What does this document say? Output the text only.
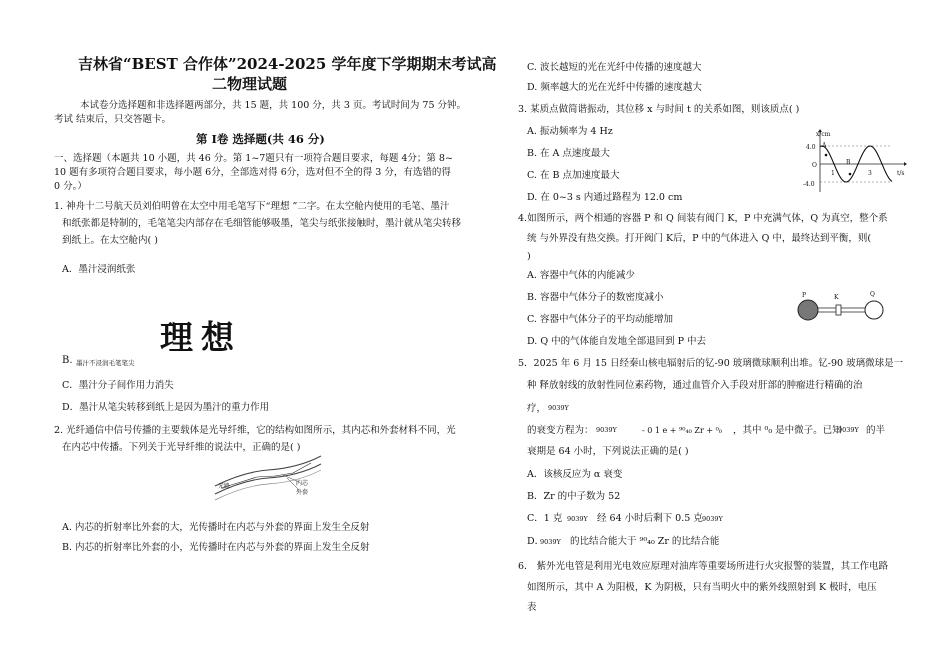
吉林省“BEST 合作体”2024-2025 学年度下学期期末考试高
二物理试题
本试卷分选择题和非选择题两部分，共 15 题，共 100 分，共 3 页。考试时间为 75 分钟。
考试 结束后，只交答题卡。
第 Ⅰ卷 选择题(共 46 分)
一、选择题（本题共 10 小题，共 46 分。第 1~7题只有一项符合题目要求，每题 4分；第 8~
10 题有多项符合题目要求，每小题 6分，全部选对得 6分，选对但不全的得 3 分，有选错的得
0 分。）
1. 神舟十二号航天员刘伯明曾在太空中用毛笔写下“理想 ”二字。在太空舱内使用的毛笔、墨汁
和纸张都是特制的，毛笔笔尖内部存在毛细管能够吸墨，笔尖与纸张接触时，墨汁就从笔尖转移
到纸上。在太空舱内( )
A．墨汁浸润纸张
理想
B. 墨汁不浸润毛笔笔尖
C．墨汁分子间作用力消失
D．墨汁从笔尖转移到纸上是因为墨汁的重力作用
2. 光纤通信中信号传播的主要载体是光导纤维，它的结构如图所示，其内芯和外套材料不同，光
在内芯中传播。下列关于光导纤维的说法中，正确的是( )
光路	内芯
外套
A. 内芯的折射率比外套的大，光传播时在内芯与外套的界面上发生全反射
B. 内芯的折射率比外套的小，光传播时在内芯与外套的界面上发生全反射
C. 波长越短的光在光纤中传播的速度越大
D. 频率越大的光在光纤中传播的速度越大
3. 某质点做简谐振动，其位移 x 与时间 t 的关系如图，则该质点( )
A. 振动频率为 4 Hz
B. 在 A 点速度最大
C. 在 B 点加速度最大
D. 在 0~3 s 内通过路程为 12.0 cm
x/cm
t/s
O
4.0
-4.0
1	3
A
B
4.如图所示，两个相通的容器 P 和 Q 间装有阀门 K，P 中充满气体，Q 为真空，整个系
统 与外界没有热交换。打开阀门 K后，P 中的气体进入 Q 中，最终达到平衡，则(
)
A. 容器中气体的内能减少
B. 容器中气体分子的数密度减小
C. 容器中气体分子的平均动能增加
D. Q 中的气体能自发地全部退回到 P 中去
P	K	Q
5．2025 年 6 月 15 日经秦山核电辐射后的钇-90 玻璃微球顺利出堆。钇-90 玻璃微球是一
种 释放射线的放射性同位素药物，通过血管介入手段对肝部的肿瘤进行精确的治
疗， 9039Y
的衰变方程为： 9039Y	- 0 1 e + ⁹⁰₄₀ Zr + ⁰₀ ，其中 ⁰₀ 是中微子。已知
9039Y 的半
衰期是 64 小时，下列说法正确的是( )
A．该核反应为 α 衰变
B．Zr 的中子数为 52
C．1 克 9039Y 经 64 小时后剩下 0.5 克 9039Y
D．
9039Y 的比结合能大于 ⁹⁰₄₀ Zr 的比结合能
6． 紫外光电管是利用光电效应原理对油库等重要场所进行火灾报警的装置，其工作电路
如图所示，其中 A 为阳极，K 为阴极，只有当明火中的紫外线照射到 K 极时，电压
表
